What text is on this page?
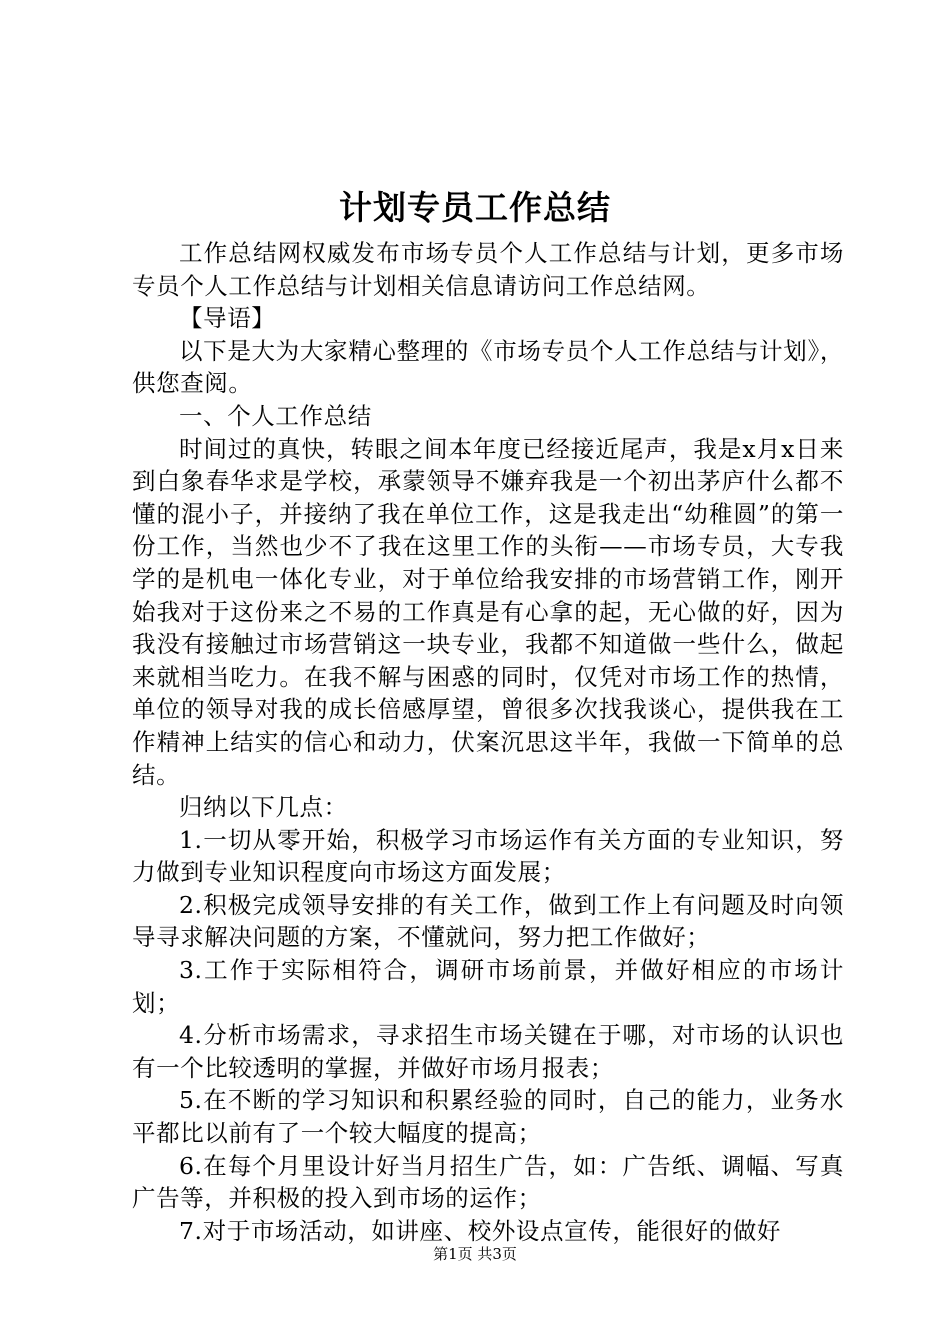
计划专员工作总结

工作总结网权威发布市场专员个人工作总结与计划，更多市场专员个人工作总结与计划相关信息请访问工作总结网。

【导语】

以下是大为大家精心整理的《市场专员个人工作总结与计划》，供您查阅。

一、个人工作总结

时间过的真快，转眼之间本年度已经接近尾声，我是x月x日来到白象春华求是学校，承蒙领导不嫌弃我是一个初出茅庐什么都不懂的混小子，并接纳了我在单位工作，这是我走出“幼稚圆”的第一份工作，当然也少不了我在这里工作的头衔——市场专员，大专我学的是机电一体化专业，对于单位给我安排的市场营销工作，刚开始我对于这份来之不易的工作真是有心拿的起，无心做的好，因为我没有接触过市场营销这一块专业，我都不知道做一些什么，做起来就相当吃力。在我不解与困惑的同时，仅凭对市场工作的热情，单位的领导对我的成长倍感厚望，曾很多次找我谈心，提供我在工作精神上结实的信心和动力，伏案沉思这半年，我做一下简单的总结。

归纳以下几点：

1.一切从零开始，积极学习市场运作有关方面的专业知识，努力做到专业知识程度向市场这方面发展；

2.积极完成领导安排的有关工作，做到工作上有问题及时向领导寻求解决问题的方案，不懂就问，努力把工作做好；

3.工作于实际相符合，调研市场前景，并做好相应的市场计划；

4.分析市场需求，寻求招生市场关键在于哪，对市场的认识也有一个比较透明的掌握，并做好市场月报表；

5.在不断的学习知识和积累经验的同时，自己的能力，业务水平都比以前有了一个较大幅度的提高；

6.在每个月里设计好当月招生广告，如：广告纸、调幅、写真广告等，并积极的投入到市场的运作；

7.对于市场活动，如讲座、校外设点宣传，能很好的做好

第1页 共3页
